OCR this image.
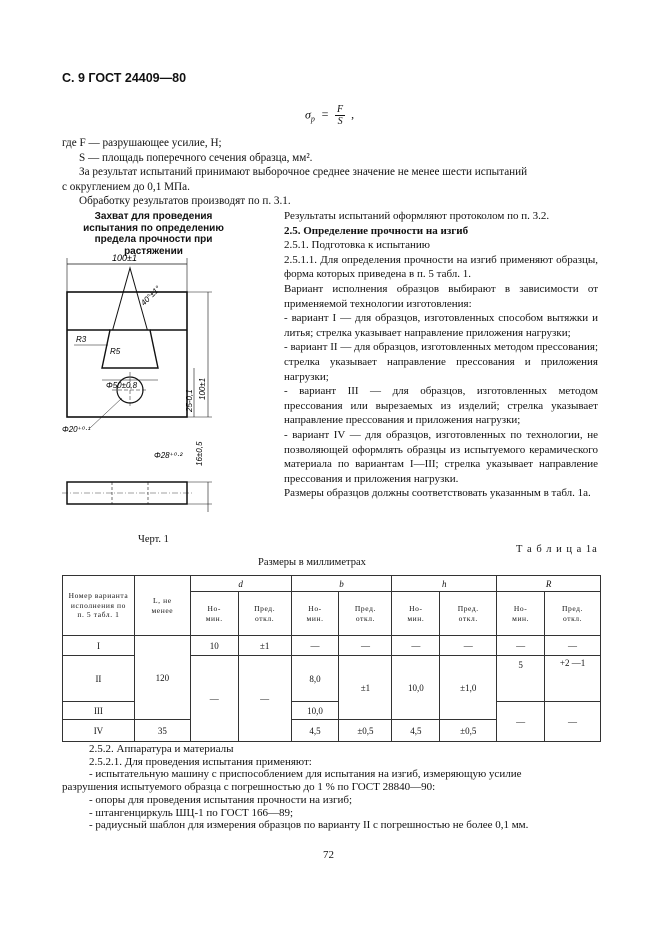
С. 9 ГОСТ 24409—80
$\sigma_р = \frac{F}{S}$ ,
где F — разрушающее усилие, Н;
S — площадь поперечного сечения образца, мм².
За результат испытаний принимают выборочное среднее значение не менее шести испытаний
с округлением до 0,1 МПа.
Обработку результатов производят по п. 3.1.
Захват для проведения испытания по определению предела прочности при растяжении
100±1
40°±1°
R3
R5
Φ50±0,8
Φ20⁺⁰·¹
100±1
25-0,1
Φ28⁺⁰·² 16±0,5
Черт. 1

Результаты испытаний оформляют протоколом по п. 3.2.

2.5. Определение прочности на изгиб

2.5.1. Подготовка к испытанию

2.5.1.1. Для определения прочности на изгиб применяют образцы, форма которых приведена в п. 5 табл. 1.

Вариант исполнения образцов выбирают в зависимости от применяемой технологии изготовления:

- вариант I — для образцов, изготовленных способом вытяжки и литья; стрелка указывает направление приложения нагрузки;

- вариант II — для образцов, изготовленных методом прессования; стрелка указывает направление прессования и приложения нагрузки;

- вариант III — для образцов, изготовленных методом прессования или вырезаемых из изделий; стрелка указывает направление прессования и приложения нагрузки;

- вариант IV — для образцов, изготовленных по технологии, не позволяющей оформлять образцы из испытуемого керамического материала по вариантам I—III; стрелка указывает направление прессования и приложения нагрузки.

Размеры образцов должны соответствовать указанным в табл. 1а.

Т а б л и ц а 1а
Размеры в миллиметрах
Номер варианта исполнения по п. 5 табл. 1	L, не менее	d		b		h		R	
		Но- мин.	Пред. откл.	Но- мин.	Пред. откл.	Но- мин.	Пред. откл.	Но- мин.	Пред. откл.
I	120	10	±1	—	—	—	—	—	—
II		—	—	8,0	±1	10,0	±1,0	5	+2 —1
III				10,0				—	—
IV	35			4,5	±0,5	4,5	±0,5		

2.5.2. Аппаратура и материалы

2.5.2.1. Для проведения испытания применяют:

- испытательную машину с приспособлением для испытания на изгиб, измеряющую усилие

разрушения испытуемого образца с погрешностью до 1 % по ГОСТ 28840—90:

- опоры для проведения испытания прочности на изгиб;

- штангенциркуль ШЦ-1 по ГОСТ 166—89;

- радиусный шаблон для измерения образцов по варианту II с погрешностью не более 0,1 мм.

72
